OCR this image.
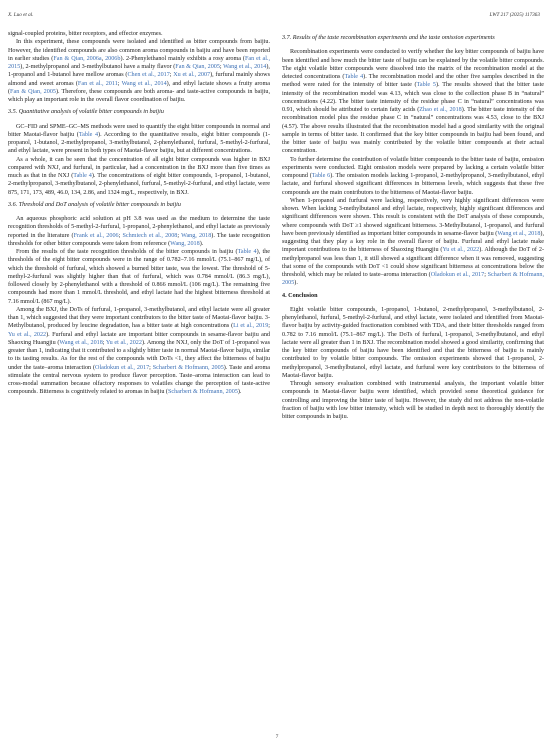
X. Luo et al.	LWT 217 (2025) 117363

signal-coupled proteins, bitter receptors, and effector enzymes.

In this experiment, these compounds were isolated and identified as bitter compounds from baijiu. However, the identified compounds are also common aroma compounds in baijiu and have been reported in earlier studies (Fan & Qian, 2006a, 2006b). 2-Phenylethanol mainly exhibits a rosy aroma (Fan et al., 2015), 2-methylpropanol and 3-methylbutanol have a malty flavor (Fan & Qian, 2005; Wang et al., 2014), 1-propanol and 1-butanol have mellow aromas (Chen et al., 2017; Xu et al., 2007), furfural mainly shows almond and sweet aromas (Fan et al., 2011; Wang et al., 2014), and ethyl lactate shows a fruity aroma (Fan & Qian, 2005). Therefore, these compounds are both aroma- and taste-active compounds in baijiu, which play an important role in the overall flavor coordination of baijiu.

3.5. Quantitative analysis of volatile bitter compounds in baijiu

GC–FID and SPME–GC–MS methods were used to quantify the eight bitter compounds in normal and bitter Maotai-flavor baijiu (Table 4). According to the quantitative results, eight bitter compounds (1-propanol, 1-butanol, 2-methylpropanol, 3-methylbutanol, 2-phenylethanol, furfural, 5-methyl-2-furfural, and ethyl lactate, were present in both types of Maotai-flavor baijiu, but at different concentrations.

As a whole, it can be seen that the concentration of all eight bitter compounds was higher in BXJ compared with NXJ, and furfural, in particular, had a concentration in the BXJ more than five times as much as that in the NXJ (Table 4). The concentrations of eight bitter compounds, 1-propanol, 1-butanol, 2-methylpropanol, 3-methylbutanol, 2-phenylethanol, furfural, 5-methyl-2-furfural, and ethyl lactate, were 875, 171, 173, 489, 46.0, 134, 2.86, and 1324 mg/L, respectively, in BXJ.

3.6. Threshold and DoT analysis of volatile bitter compounds in baijiu

An aqueous phosphoric acid solution at pH 3.8 was used as the medium to determine the taste recognition thresholds of 5-methyl-2-furfural, 1-propanol, 2-phenylethanol, and ethyl lactate as previously reported in the literature (Frank et al., 2006; Schmiech et al., 2008; Wang, 2018). The taste recognition thresholds for other bitter compounds were taken from reference (Wang, 2018).

From the results of the taste recognition thresholds of the bitter compounds in baijiu (Table 4), the thresholds of the eight bitter compounds were in the range of 0.782–7.16 mmol/L (75.1–867 mg/L), of which the threshold of furfural, which showed a burned bitter taste, was the lowest. The threshold of 5-methyl-2-furfural was slightly higher than that of furfural, which was 0.784 mmol/L (86.3 mg/L), followed closely by 2-phenylethanol with a threshold of 0.866 mmol/L (106 mg/L). The remaining five compounds had more than 1 mmol/L threshold, and ethyl lactate had the highest bitterness threshold at 7.16 mmol/L (867 mg/L).

Among the BXJ, the DoTs of furfural, 1-propanol, 3-methylbutanol, and ethyl lactate were all greater than 1, which suggested that they were important contributors to the bitter taste of Maotai-flavor baijiu. 3-Methylbutanol, produced by leucine degradation, has a bitter taste at high concentrations (Li et al., 2019; Yu et al., 2022). Furfural and ethyl lactate are important bitter compounds in sesame-flavor baijiu and Shaoxing Huangjiu (Wang et al., 2018; Yu et al., 2022). Among the NXJ, only the DoT of 1-propanol was greater than 1, indicating that it contributed to a slightly bitter taste in normal Maotai-flavor baijiu, similar to its tasting results. As for the rest of the compounds with DoTs <1, they affect the bitterness of baijiu under the taste–aroma interaction (Oladokun et al., 2017; Scharbert & Hofmann, 2005). Taste and aroma stimulate the central nervous system to produce flavor perception. Taste–aroma interaction can lead to cross-modal summation because olfactory responses to volatiles change the perception of taste-active compounds. Bitterness is cognitively related to aromas in baijiu (Scharbert & Hofmann, 2005).

3.7. Results of the taste recombination experiments and the taste omission experiments

Recombination experiments were conducted to verify whether the key bitter compounds of baijiu have been identified and how much the bitter taste of baijiu can be explained by the volatile bitter compounds. The eight volatile bitter compounds were dissolved into the matrix of the recombination model at the detected concentrations (Table 4). The recombination model and the other five samples described in the method were rated for the intensity of bitter taste (Table 5). The results showed that the bitter taste intensity of the recombination model was 4.13, which was close to the collection phase B in “natural” concentrations (4.22). The bitter taste intensity of the residue phase C in “natural” concentrations was 0.91, which should be attributed to certain fatty acids (Zhao et al., 2018). The bitter taste intensity of the recombination model plus the residue phase C in “natural” concentrations was 4.53, close to the BXJ (4.57). The above results illustrated that the recombination model had a good similarity with the original sample in terms of bitter taste. It confirmed that the key bitter compounds in baijiu had been found, and the bitter taste of baijiu was mainly contributed by the volatile bitter compounds at their actual concentration.

To further determine the contribution of volatile bitter compounds to the bitter taste of baijiu, omission experiments were conducted. Eight omission models were prepared by lacking a certain volatile bitter compound (Table 6). The omission models lacking 1-propanol, 2-methylpropanol, 3-methylbutanol, ethyl lactate, and furfural showed significant differences in bitterness levels, which suggests that these five compounds are the main contributors to the bitterness of Maotai-flavor baijiu.

When 1-propanol and furfural were lacking, respectively, very highly significant differences were shown. When lacking 3-methylbutanol and ethyl lactate, respectively, highly significant differences and significant differences were shown. This result is consistent with the DoT analysis of these compounds, where compounds with DoT ≥1 showed significant bitterness. 3-Methylbutanol, 1-propanol, and furfural have been previously identified as important bitter compounds in sesame-flavor baijiu (Wang et al., 2018), suggesting that they play a key role in the overall flavor of baijiu. Furfural and ethyl lactate make important contributions to the bitterness of Shaoxing Huangjiu (Yu et al., 2022). Although the DoT of 2-methylpropanol was less than 1, it still showed a significant difference when it was removed, suggesting that some of the compounds with DoT <1 could show significant bitterness at concentrations below the threshold, which may be related to taste–aroma interaction (Oladokun et al., 2017; Scharbert & Hofmann, 2005).

4. Conclusion

Eight volatile bitter compounds, 1-propanol, 1-butanol, 2-methylpropanol, 3-methylbutanol, 2-phenylethanol, furfural, 5-methyl-2-furfural, and ethyl lactate, were isolated and identified from Maotai-flavor baijiu by activity-guided fractionation combined with TDA, and their bitter thresholds ranged from 0.782 to 7.16 mmol/L (75.1–867 mg/L). The DoTs of furfural, 1-propanol, 3-methylbutanol, and ethyl lactate were all greater than 1 in BXJ. The recombination model showed a good similarity, confirming that the key bitter compounds of baijiu have been identified and that the bitterness of baijiu is mainly contributed to by volatile bitter compounds. The omission experiments showed that 1-propanol, 2-methylpropanol, 3-methylbutanol, ethyl lactate, and furfural were key contributors to the bitterness of Maotai-flavor baijiu.

Through sensory evaluation combined with instrumental analysis, the important volatile bitter compounds in Maotai-flavor baijiu were identified, which provided some theoretical guidance for controlling and improving the bitter taste of baijiu. However, the study did not address the non-volatile fraction of baijiu with low bitter intensity, which will be studied in depth next to thoroughly identify the bitter compounds in baijiu.

7
